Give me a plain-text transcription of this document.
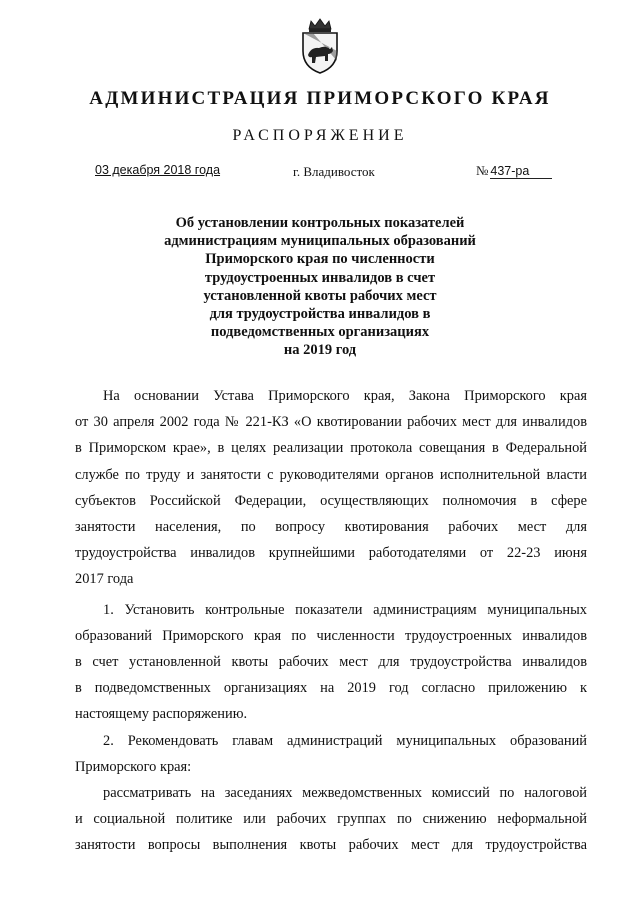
АДМИНИСТРАЦИЯ ПРИМОРСКОГО КРАЯ
РАСПОРЯЖЕНИЕ
03 декабря 2018 года	г. Владивосток	№ 437-ра
Об установлении контрольных показателей
администрациям муниципальных образований
Приморского края по численности
трудоустроенных инвалидов в счет
установленной квоты рабочих мест
для трудоустройства инвалидов в
подведомственных организациях
на 2019 год
На основании Устава Приморского края, Закона Приморского края
от 30 апреля 2002 года № 221-КЗ «О квотировании рабочих мест для инвалидов
в Приморском крае», в целях реализации протокола совещания в Федеральной
службе по труду и занятости с руководителями органов исполнительной власти
субъектов Российской Федерации, осуществляющих полномочия в сфере
занятости населения, по вопросу квотирования рабочих мест для
трудоустройства инвалидов крупнейшими работодателями от 22-23 июня
2017 года
1. Установить контрольные показатели администрациям муниципальных
образований Приморского края по численности трудоустроенных инвалидов
в счет установленной квоты рабочих мест для трудоустройства инвалидов
в подведомственных организациях на 2019 год согласно приложению к
настоящему распоряжению.
2. Рекомендовать главам администраций муниципальных образований
Приморского края:
рассматривать на заседаниях межведомственных комиссий по налоговой
и социальной политике или рабочих группах по снижению неформальной
занятости вопросы выполнения квоты рабочих мест для трудоустройства
